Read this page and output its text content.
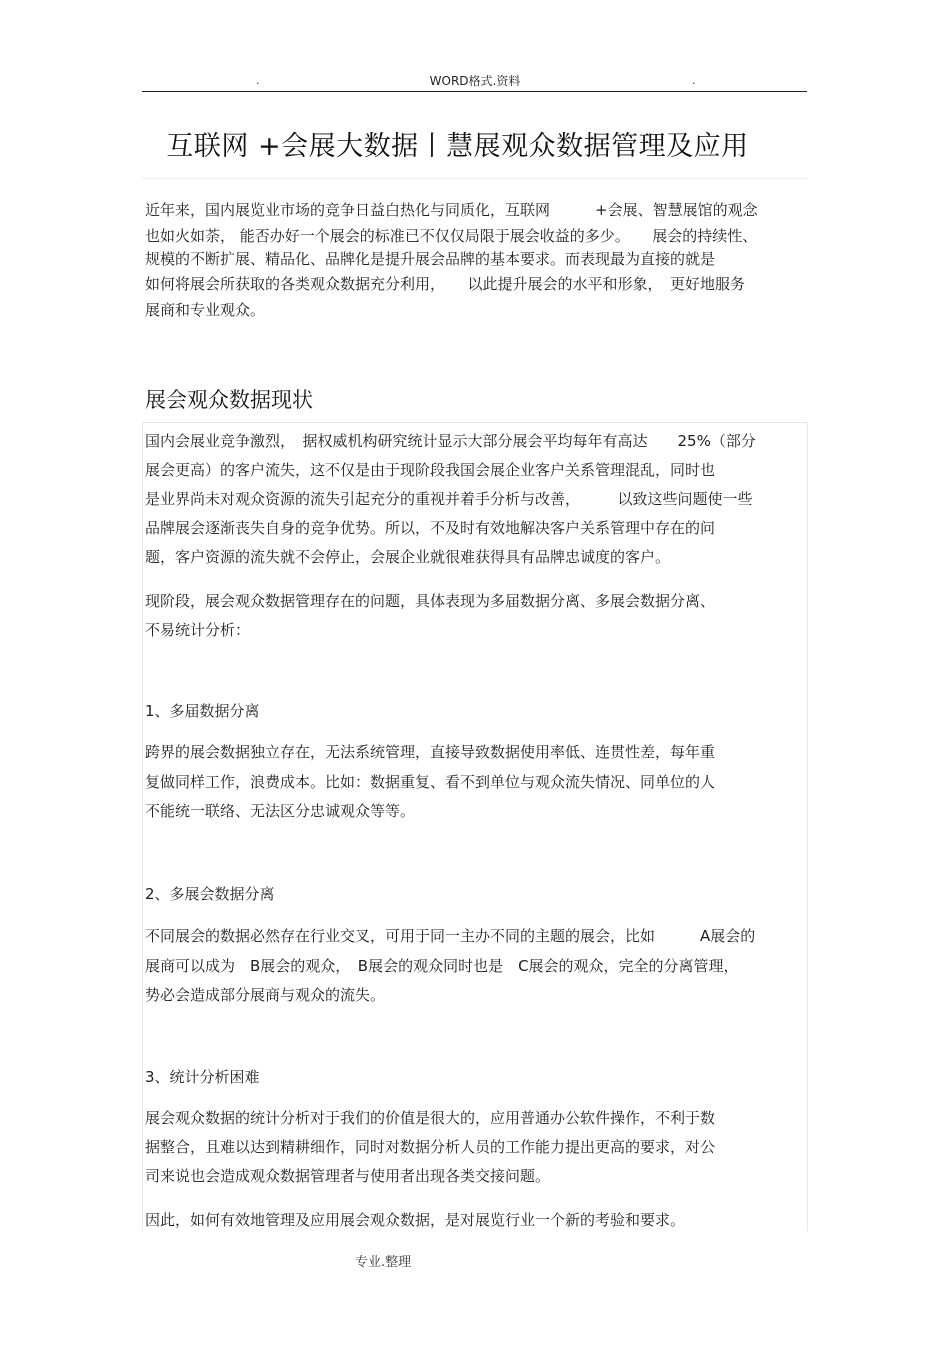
.	WORD格式.资料	.
互联网 +会展大数据丨慧展观众数据管理及应用
近年来，国内展览业市场的竞争日益白热化与同质化，互联网　　　+会展、智慧展馆的观念
也如火如荼， 能否办好一个展会的标准已不仅仅局限于展会收益的多少。　　展会的持续性、
规模的不断扩展、精品化、品牌化是提升展会品牌的基本要求。而表现最为直接的就是
如何将展会所获取的各类观众数据充分利用，　　以此提升展会的水平和形象，　更好地服务
展商和专业观众。
展会观众数据现状
国内会展业竞争激烈，　据权威机构研究统计显示大部分展会平均每年有高达　　25%（部分
展会更高）的客户流失，这不仅是由于现阶段我国会展企业客户关系管理混乱，同时也
是业界尚未对观众资源的流失引起充分的重视并着手分析与改善，　　　以致这些问题使一些
品牌展会逐渐丧失自身的竞争优势。所以，不及时有效地解决客户关系管理中存在的问
题，客户资源的流失就不会停止，会展企业就很难获得具有品牌忠诚度的客户。
现阶段，展会观众数据管理存在的问题，具体表现为多届数据分离、多展会数据分离、
不易统计分析：
1、多届数据分离
跨界的展会数据独立存在，无法系统管理，直接导致数据使用率低、连贯性差，每年重
复做同样工作，浪费成本。比如：数据重复、看不到单位与观众流失情况、同单位的人
不能统一联络、无法区分忠诚观众等等。
2、多展会数据分离
不同展会的数据必然存在行业交叉，可用于同一主办不同的主题的展会，比如　　　A展会的
展商可以成为　B展会的观众，　B展会的观众同时也是　C展会的观众，完全的分离管理，
势必会造成部分展商与观众的流失。
3、统计分析困难
展会观众数据的统计分析对于我们的价值是很大的，应用普通办公软件操作，不利于数
据整合，且难以达到精耕细作，同时对数据分析人员的工作能力提出更高的要求，对公
司来说也会造成观众数据管理者与使用者出现各类交接问题。
因此，如何有效地管理及应用展会观众数据，是对展览行业一个新的考验和要求。
专业.整理
